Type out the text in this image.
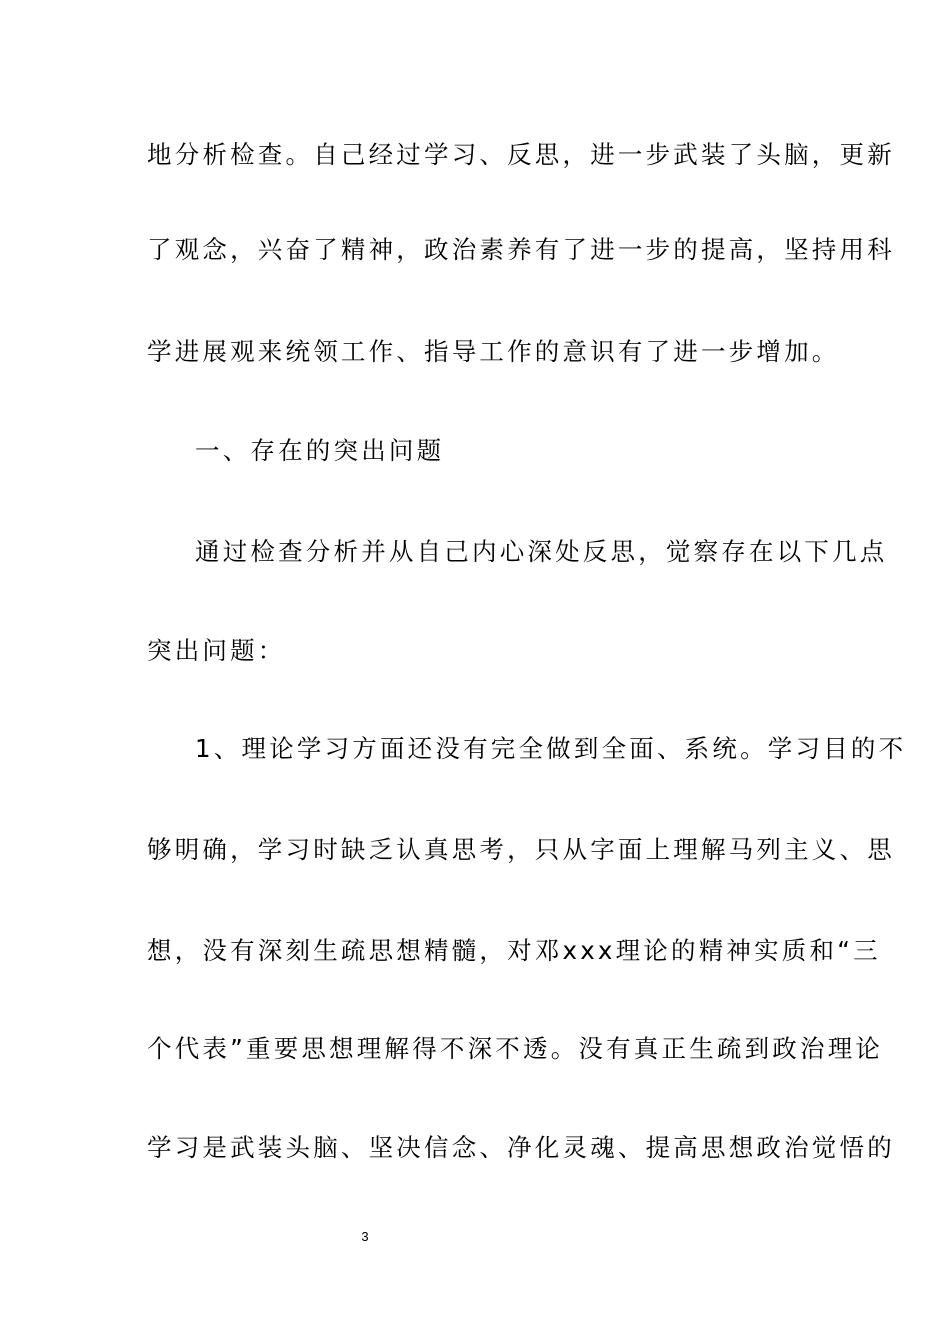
地分析检查。自己经过学习、反思，进一步武装了头脑，更新
了观念，兴奋了精神，政治素养有了进一步的提高，坚持用科
学进展观来统领工作、指导工作的意识有了进一步增加。
一、存在的突出问题
通过检查分析并从自己内心深处反思，觉察存在以下几点
突出问题：
1、理论学习方面还没有完全做到全面、系统。学习目的不
够明确，学习时缺乏认真思考，只从字面上理解马列主义、思
想，没有深刻生疏思想精髓，对邓xxx理论的精神实质和“三
个代表”重要思想理解得不深不透。没有真正生疏到政治理论
学习是武装头脑、坚决信念、净化灵魂、提高思想政治觉悟的
3
